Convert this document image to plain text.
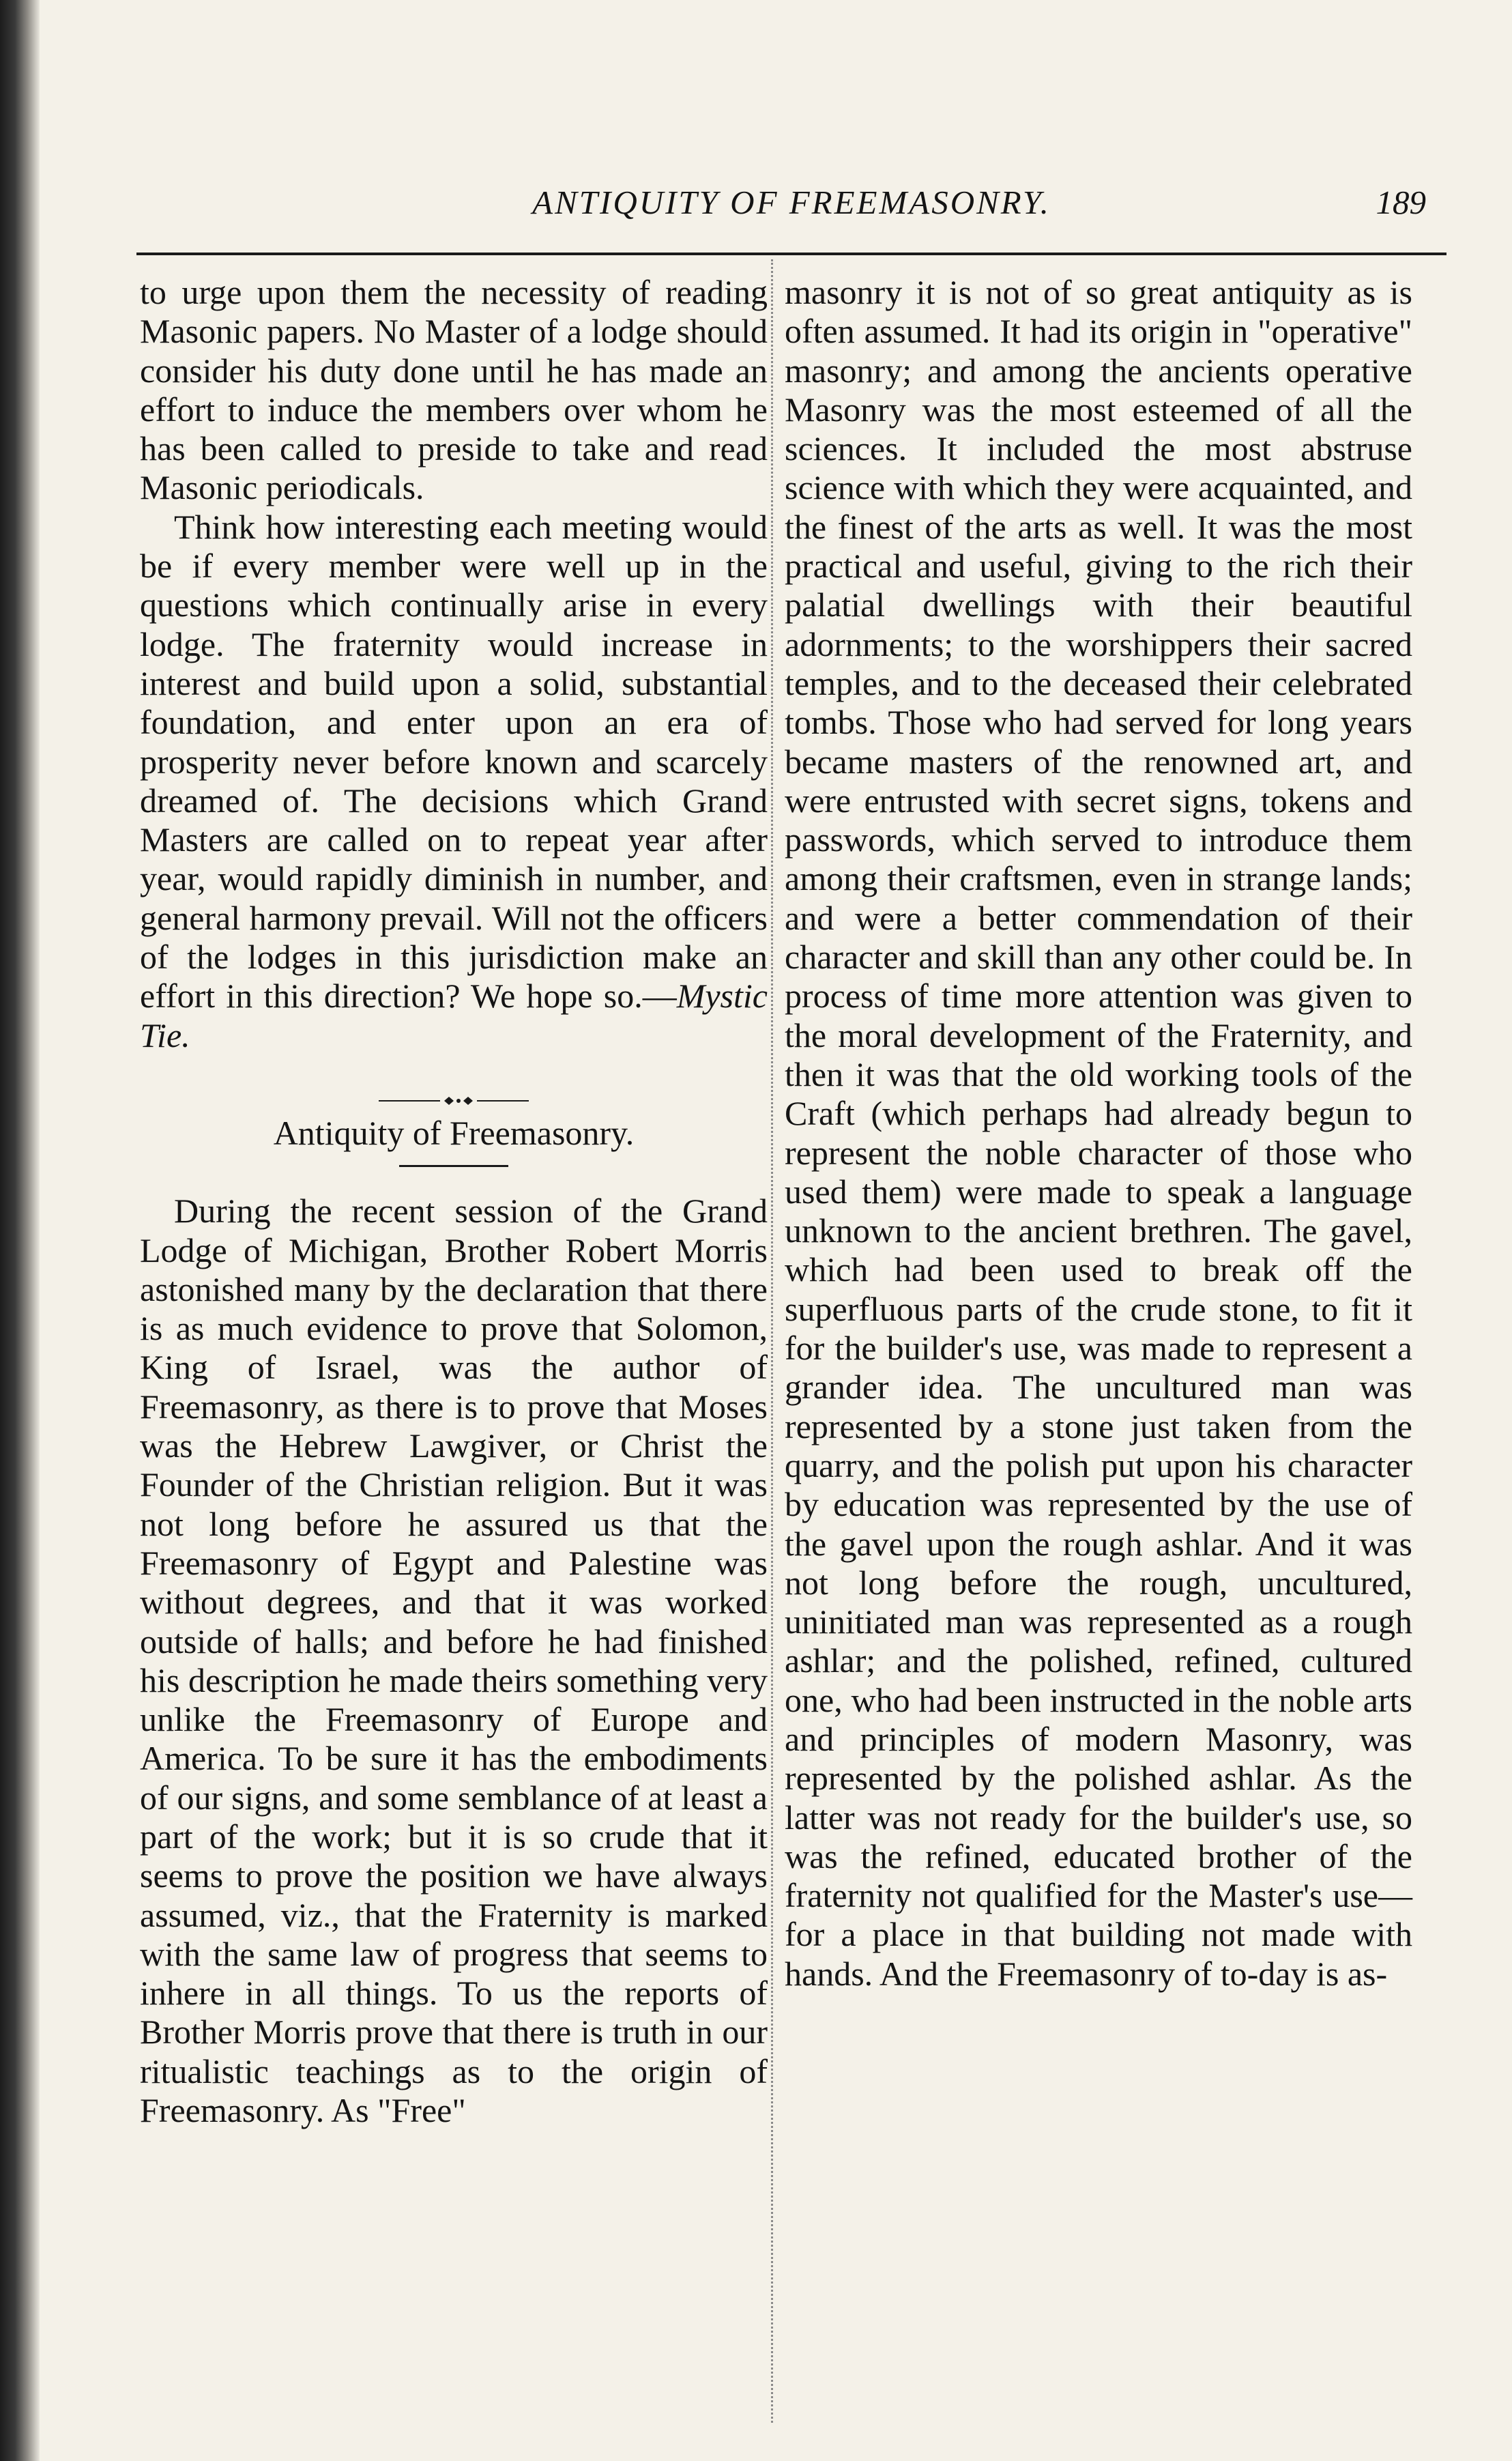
ANTIQUITY OF FREEMASONRY.	189

to urge upon them the necessity of reading Masonic papers. No Master of a lodge should consider his duty done until he has made an effort to induce the members over whom he has been called to preside to take and read Masonic periodicals.

Think how interesting each meeting would be if every member were well up in the questions which continually arise in every lodge. The fraternity would increase in interest and build upon a solid, substantial foundation, and enter upon an era of prosperity never before known and scarcely dreamed of. The decisions which Grand Masters are called on to repeat year after year, would rapidly diminish in number, and general harmony prevail. Will not the officers of the lodges in this jurisdiction make an effort in this direction? We hope so.—Mystic Tie.

Antiquity of Freemasonry.

During the recent session of the Grand Lodge of Michigan, Brother Robert Morris astonished many by the declaration that there is as much evidence to prove that Solomon, King of Israel, was the author of Freemasonry, as there is to prove that Moses was the Hebrew Lawgiver, or Christ the Founder of the Christian religion. But it was not long before he assured us that the Freemasonry of Egypt and Palestine was without degrees, and that it was worked outside of halls; and before he had finished his description he made theirs something very unlike the Freemasonry of Europe and America. To be sure it has the embodiments of our signs, and some semblance of at least a part of the work; but it is so crude that it seems to prove the position we have always assumed, viz., that the Fraternity is marked with the same law of progress that seems to inhere in all things. To us the reports of Brother Morris prove that there is truth in our ritualistic teachings as to the origin of Freemasonry. As "Free"

masonry it is not of so great antiquity as is often assumed. It had its origin in "operative" masonry; and among the ancients operative Masonry was the most esteemed of all the sciences. It included the most abstruse science with which they were acquainted, and the finest of the arts as well. It was the most practical and useful, giving to the rich their palatial dwellings with their beautiful adornments; to the worshippers their sacred temples, and to the deceased their celebrated tombs. Those who had served for long years became masters of the renowned art, and were entrusted with secret signs, tokens and passwords, which served to introduce them among their craftsmen, even in strange lands; and were a better commendation of their character and skill than any other could be. In process of time more attention was given to the moral development of the Fraternity, and then it was that the old working tools of the Craft (which perhaps had already begun to represent the noble character of those who used them) were made to speak a language unknown to the ancient brethren. The gavel, which had been used to break off the superfluous parts of the crude stone, to fit it for the builder's use, was made to represent a grander idea. The uncultured man was represented by a stone just taken from the quarry, and the polish put upon his character by education was represented by the use of the gavel upon the rough ashlar. And it was not long before the rough, uncultured, uninitiated man was represented as a rough ashlar; and the polished, refined, cultured one, who had been instructed in the noble arts and principles of modern Masonry, was represented by the polished ashlar. As the latter was not ready for the builder's use, so was the refined, educated brother of the fraternity not qualified for the Master's use—for a place in that building not made with hands. And the Freemasonry of to-day is as-
